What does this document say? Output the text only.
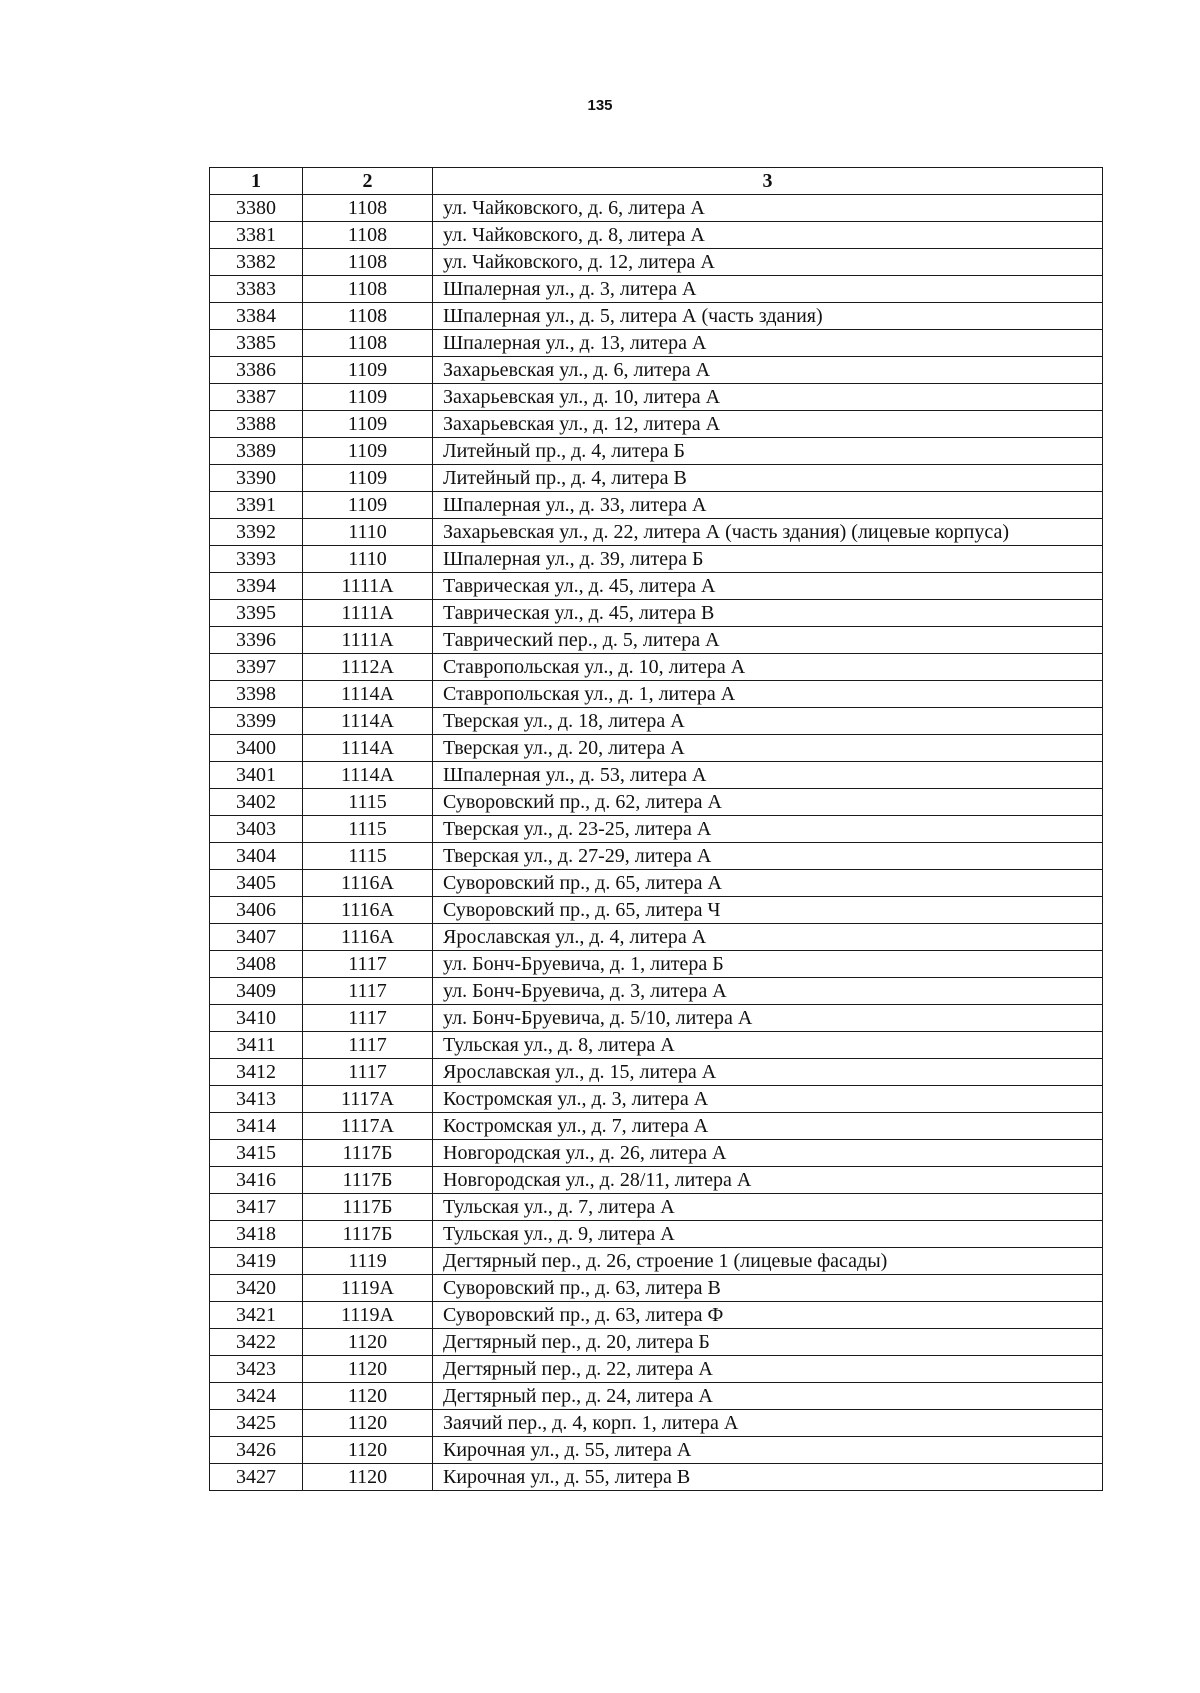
135
1	2	3
3380	1108	ул. Чайковского, д. 6, литера А
3381	1108	ул. Чайковского, д. 8, литера А
3382	1108	ул. Чайковского, д. 12, литера А
3383	1108	Шпалерная ул., д. 3, литера А
3384	1108	Шпалерная ул., д. 5, литера А (часть здания)
3385	1108	Шпалерная ул., д. 13, литера А
3386	1109	Захарьевская ул., д. 6, литера А
3387	1109	Захарьевская ул., д. 10, литера А
3388	1109	Захарьевская ул., д. 12, литера А
3389	1109	Литейный пр., д. 4, литера Б
3390	1109	Литейный пр., д. 4, литера В
3391	1109	Шпалерная ул., д. 33, литера А
3392	1110	Захарьевская ул., д. 22, литера А (часть здания) (лицевые корпуса)
3393	1110	Шпалерная ул., д. 39, литера Б
3394	1111А	Таврическая ул., д. 45, литера А
3395	1111А	Таврическая ул., д. 45, литера В
3396	1111А	Таврический пер., д. 5, литера А
3397	1112А	Ставропольская ул., д. 10, литера А
3398	1114А	Ставропольская ул., д. 1, литера А
3399	1114А	Тверская ул., д. 18, литера А
3400	1114А	Тверская ул., д. 20, литера А
3401	1114А	Шпалерная ул., д. 53, литера А
3402	1115	Суворовский пр., д. 62, литера А
3403	1115	Тверская ул., д. 23-25, литера А
3404	1115	Тверская ул., д. 27-29, литера А
3405	1116А	Суворовский пр., д. 65, литера А
3406	1116А	Суворовский пр., д. 65, литера Ч
3407	1116А	Ярославская ул., д. 4, литера А
3408	1117	ул. Бонч-Бруевича, д. 1, литера Б
3409	1117	ул. Бонч-Бруевича, д. 3, литера А
3410	1117	ул. Бонч-Бруевича, д. 5/10, литера А
3411	1117	Тульская ул., д. 8, литера А
3412	1117	Ярославская ул., д. 15, литера А
3413	1117А	Костромская ул., д. 3, литера А
3414	1117А	Костромская ул., д. 7, литера А
3415	1117Б	Новгородская ул., д. 26, литера А
3416	1117Б	Новгородская ул., д. 28/11, литера А
3417	1117Б	Тульская ул., д. 7, литера А
3418	1117Б	Тульская ул., д. 9, литера А
3419	1119	Дегтярный пер., д. 26, строение 1 (лицевые фасады)
3420	1119А	Суворовский пр., д. 63, литера В
3421	1119А	Суворовский пр., д. 63, литера Ф
3422	1120	Дегтярный пер., д. 20, литера Б
3423	1120	Дегтярный пер., д. 22, литера А
3424	1120	Дегтярный пер., д. 24, литера А
3425	1120	Заячий пер., д. 4, корп. 1, литера А
3426	1120	Кирочная ул., д. 55, литера А
3427	1120	Кирочная ул., д. 55, литера В
